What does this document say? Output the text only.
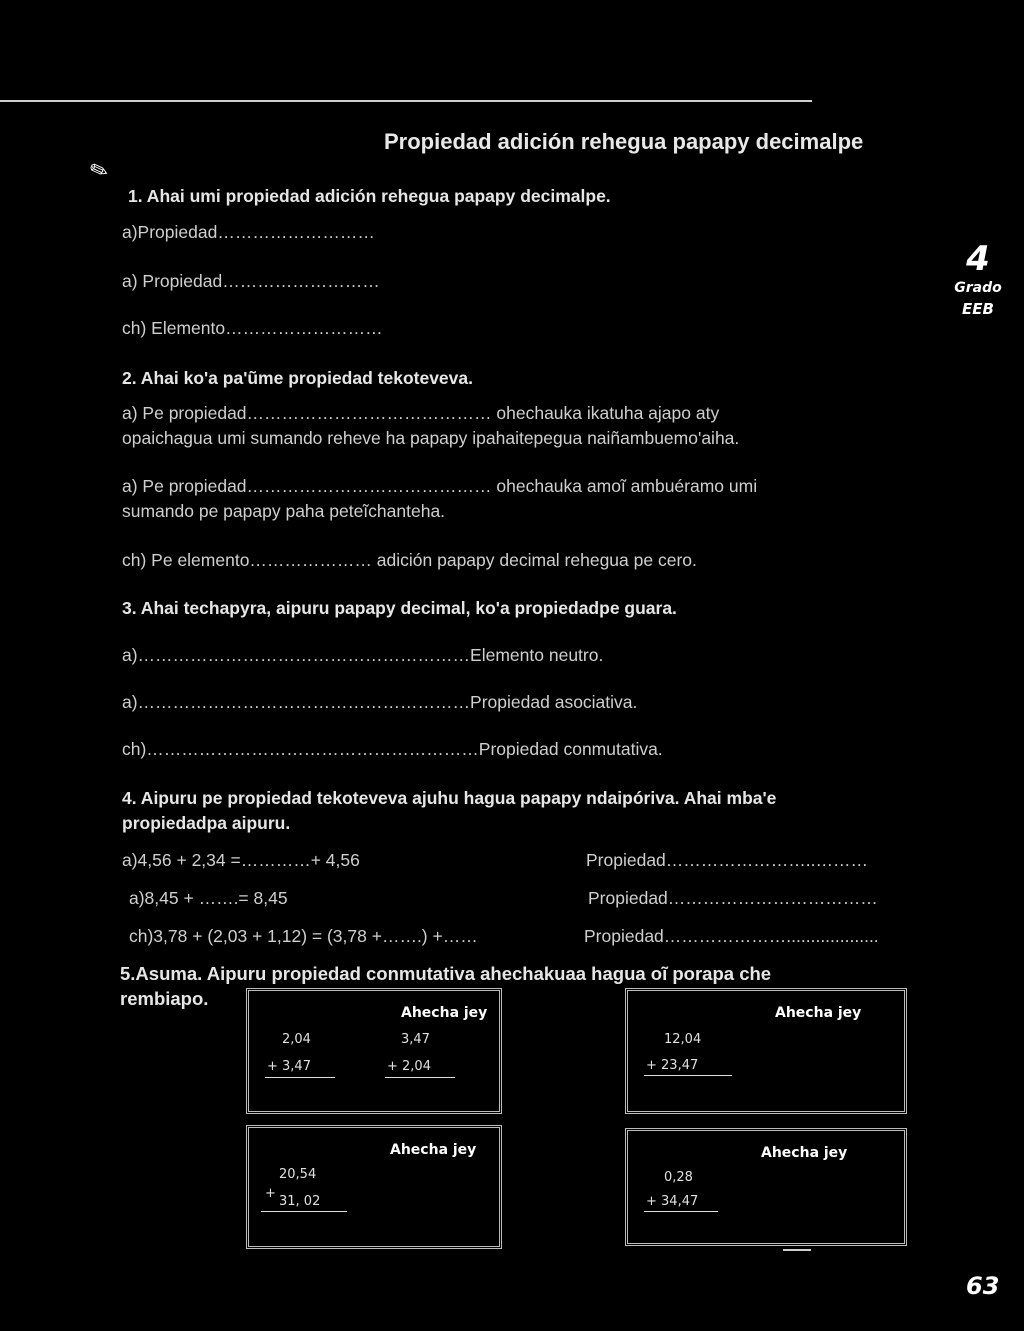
✎
Propiedad adición rehegua papapy decimalpe
4
Grado
EEB
1. Ahai umi propiedad adición rehegua papapy decimalpe.
a)Propiedad………………………
a) Propiedad………………………
ch) Elemento………………………
2. Ahai ko'a pa'ũme propiedad tekoteveva.
a) Pe propiedad…………………………………… ohechauka ikatuha ajapo aty
opaichagua umi sumando reheve ha papapy ipahaitepegua naiñambuemo'aiha.
a) Pe propiedad…………………………………… ohechauka amoĩ ambuéramo umi
sumando pe papapy paha peteĩchanteha.
ch) Pe elemento………………… adición papapy decimal rehegua pe cero.
3. Ahai techapyra, aipuru papapy decimal, ko'a propiedadpe guara.
a)…………………………………………………Elemento neutro.
a)…………………………………………………Propiedad asociativa.
ch)…………………………………………………Propiedad conmutativa.
4. Aipuru pe propiedad tekoteveva ajuhu hagua papapy ndaipóriva. Ahai mba'e
propiedadpa aipuru.
a)4,56 + 2,34 =…………+ 4,56	Propiedad……………………..………
a)8,45 + …….= 8,45	Propiedad………………………………
ch)3,78 + (2,03 + 1,12) = (3,78 +…….) +……	Propiedad…………………...................
5.Asuma. Aipuru propiedad conmutativa ahechakuaa hagua oĩ porapa che
rembiapo.
Ahecha jey
2,04
+ 3,47
3,47
+ 2,04
Ahecha jey
12,04
+ 23,47
Ahecha jey
20,54
+
31, 02
Ahecha jey
0,28
+ 34,47
63
